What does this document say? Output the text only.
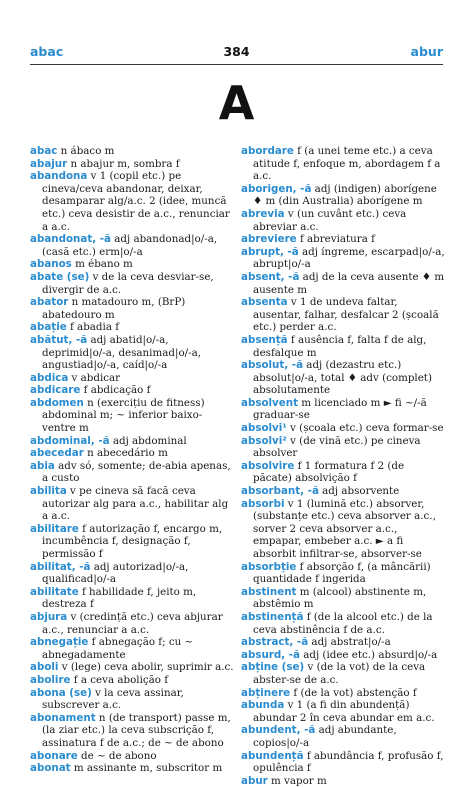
abac	384	abur
A

abac n ábaco m

abajur n abajur m, sombra f

abandona v 1 (copil etc.) pe cineva/ceva abandonar, deixar, desamparar alg/a.c. 2 (idee, muncă etc.) ceva desistir de a.c., renunciar a a.c.

abandonat, -ă adj abandonad|o/-a, (casă etc.) erm|o/-a

abanos m ébano m

abate (se) v de la ceva desviar-se, divergir de a.c.

abator n matadouro m, (BrP) abatedouro m

abație f abadia f

abătut, -ă adj abatid|o/-a, deprimid|o/-a, desanimad|o/-a, angustiad|o/-a, caíd|o/-a

abdica v abdicar

abdicare f abdicação f

abdomen n (exercițiu de fitness) abdominal m; ~ inferior baixo-ventre m

abdominal, -ă adj abdominal

abecedar n abecedário m

abia adv só, somente; de-abia apenas, a custo

abilita v pe cineva să facă ceva autorizar alg para a.c., habilitar alg a a.c.

abilitare f autorização f, encargo m, incumbência f, designação f, permissão f

abilitat, -ă adj autorizad|o/-a, qualificad|o/-a

abilitate f habilidade f, jeito m, destreza f

abjura v (credință etc.) ceva abjurar a.c., renunciar a a.c.

abnegație f abnegação f; cu ~ abnegadamente

aboli v (lege) ceva abolir, suprimir a.c.

abolire f a ceva abolição f

abona (se) v la ceva assinar, subscrever a.c.

abonament n (de transport) passe m, (la ziar etc.) la ceva subscrição f, assinatura f de a.c.; de ~ de abono

abonare de ~ de abono

abonat m assinante m, subscritor m

abordare f (a unei teme etc.) a ceva atitude f, enfoque m, abordagem f a a.c.

aborigen, -ă adj (indigen) aborígene ♦ m (din Australia) aborígene m

abrevia v (un cuvânt etc.) ceva abreviar a.c.

abreviere f abreviatura f

abrupt, -ă adj íngreme, escarpad|o/-a, abrupt|o/-a

absent, -ă adj de la ceva ausente ♦ m ausente m

absenta v 1 de undeva faltar, ausentar, falhar, desfalcar 2 (școală etc.) perder a.c.

absență f ausência f, falta f de alg, desfalque m

absolut, -ă adj (dezastru etc.) absolut|o/-a, total ♦ adv (complet) absolutamente

absolvent m licenciado m ► fi ~/-ă graduar-se

absolvi¹ v (școala etc.) ceva formar-se

absolvi² v (de vină etc.) pe cineva absolver

absolvire f 1 formatura f 2 (de păcate) absolvição f

absorbant, -ă adj absorvente

absorbi v 1 (lumină etc.) absorver, (substanțe etc.) ceva absorver a.c., sorver 2 ceva absorver a.c., empapar, embeber a.c. ► a fi absorbit infiltrar-se, absorver-se

absorbție f absorção f, (a mâncării) quantidade f ingerida

abstinent m (alcool) abstinente m, abstêmio m

abstinență f (de la alcool etc.) de la ceva abstinência f de a.c.

abstract, -ă adj abstrat|o/-a

absurd, -ă adj (idee etc.) absurd|o/-a

abține (se) v (de la vot) de la ceva abster-se de a.c.

abținere f (de la vot) abstenção f

abunda v 1 (a fi din abundență) abundar 2 în ceva abundar em a.c.

abundent, -ă adj abundante, copios|o/-a

abundență f abundância f, profusão f, opulência f

abur m vapor m
